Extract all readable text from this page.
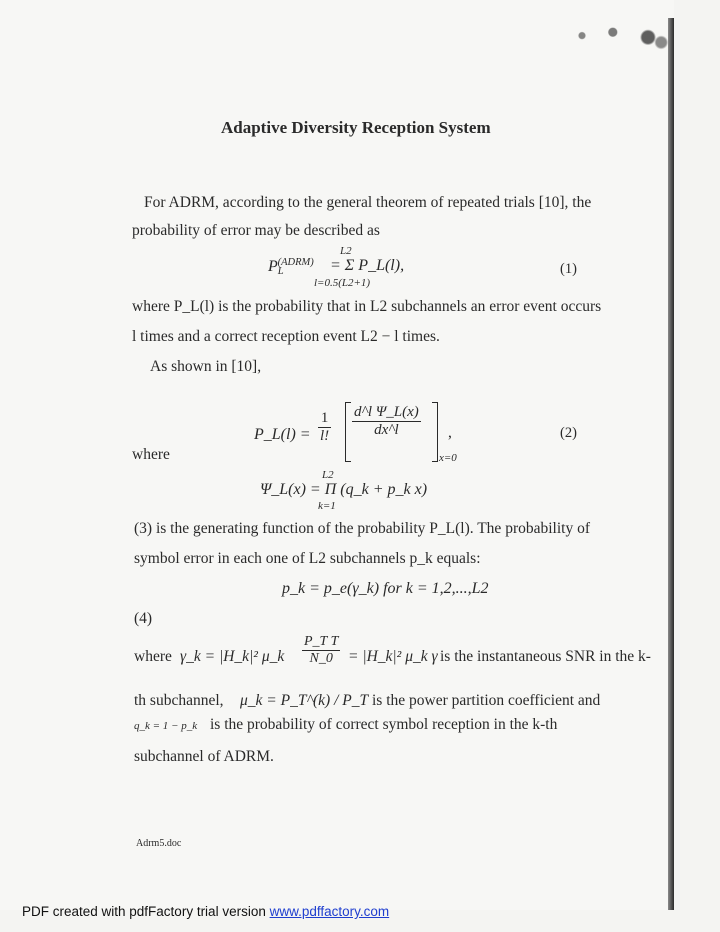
Adaptive Diversity Reception System
For ADRM, according to the general theorem of repeated trials [10], the
probability of error may be described as
$P_L^{(ADRM)}$
L2
= Σ P_L(l),
l=0.5(L2+1)
(1)
where P_L(l) is the probability that in L2 subchannels an error event occurs
l times and a correct reception event L2 − l times.
As shown in [10],
P_L(l) = $\frac{1}{l!} \frac{\text{d\textasciicircum{}l Ψ\_L(x)}}{dx\^{}l}$
x=0
,	(2)
where
L2
Ψ_L(x) = Π (q_k + p_k x)
k=1
(3) is the generating function of the probability P_L(l). The probability of
symbol error in each one of L2 subchannels p_k equals:
p_k = p_e(γ_k) for k = 1,2,...,L2
(4)
where γ_k = |H_k|² μ_k $\frac{\text{P\_T T}}{N\_0}$ = |H_k|² μ_k γ is the instantaneous SNR in the k-
th subchannel, μ_k = P_T^(k) / P_T is the power partition coefficient and
q_k = 1 − p_k is the probability of correct symbol reception in the k-th
subchannel of ADRM.
Adrm5.doc
PDF created with pdfFactory trial version www.pdffactory.com
